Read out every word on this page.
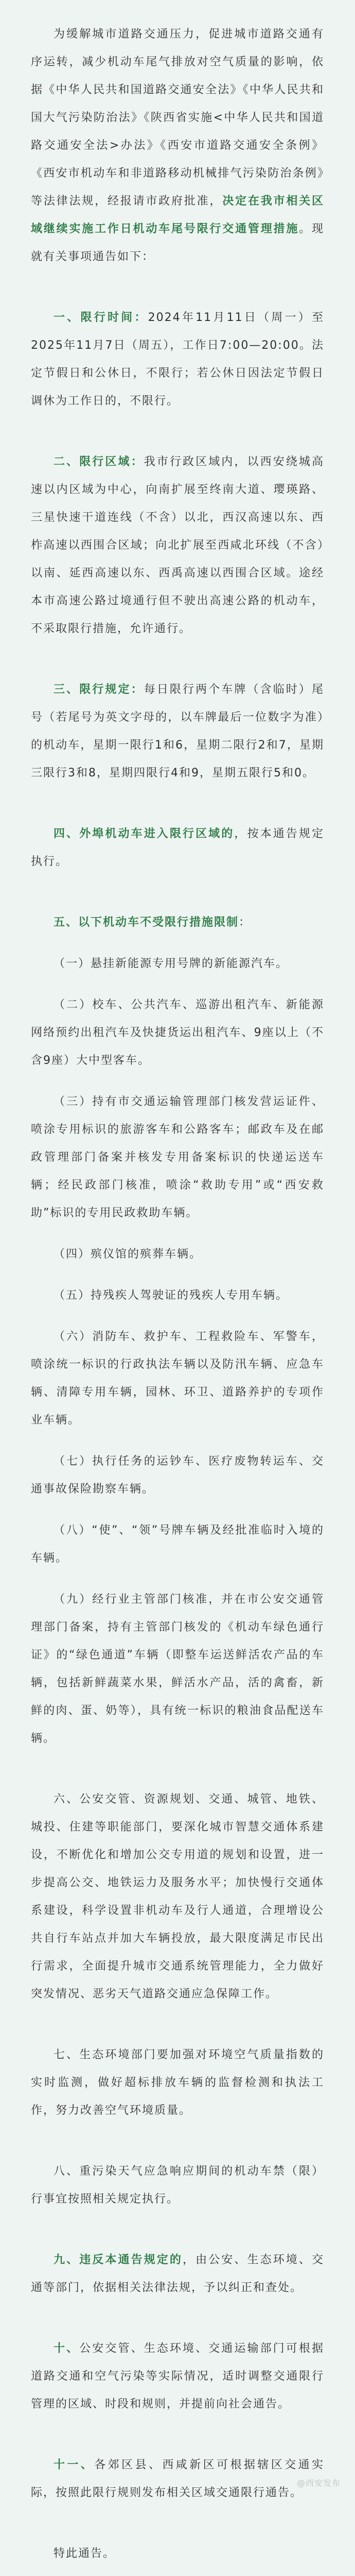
为缓解城市道路交通压力，促进城市道路交通有序运转，减少机动车尾气排放对空气质量的影响，依据《中华人民共和国道路交通安全法》《中华人民共和国大气污染防治法》《陕西省实施<中华人民共和国道路交通安全法>办法》《西安市道路交通安全条例》《西安市机动车和非道路移动机械排气污染防治条例》等法律法规，经报请市政府批准，决定在我市相关区域继续实施工作日机动车尾号限行交通管理措施。现就有关事项通告如下：

一、限行时间：2024年11月11日（周一）至2025年11月7日（周五），工作日7:00—20:00。法定节假日和公休日，不限行；若公休日因法定节假日调休为工作日的，不限行。

二、限行区域：我市行政区域内，以西安绕城高速以内区域为中心，向南扩展至终南大道、璎瑛路、三星快速干道连线（不含）以北，西汉高速以东、西柞高速以西围合区域；向北扩展至西咸北环线（不含）以南、延西高速以东、西禹高速以西围合区域。途经本市高速公路过境通行但不驶出高速公路的机动车，不采取限行措施，允许通行。

三、限行规定：每日限行两个车牌（含临时）尾号（若尾号为英文字母的，以车牌最后一位数字为准）的机动车，星期一限行1和6，星期二限行2和7，星期三限行3和8，星期四限行4和9，星期五限行5和0。

四、外埠机动车进入限行区域的，按本通告规定执行。

五、以下机动车不受限行措施限制：

（一）悬挂新能源专用号牌的新能源汽车。

（二）校车、公共汽车、巡游出租汽车、新能源网络预约出租汽车及快捷货运出租汽车、9座以上（不含9座）大中型客车。

（三）持有市交通运输管理部门核发营运证件、喷涂专用标识的旅游客车和公路客车；邮政车及在邮政管理部门备案并核发专用备案标识的快递运送车辆；经民政部门核准，喷涂“救助专用”或“西安救助”标识的专用民政救助车辆。

（四）殡仪馆的殡葬车辆。

（五）持残疾人驾驶证的残疾人专用车辆。

（六）消防车、救护车、工程救险车、军警车，喷涂统一标识的行政执法车辆以及防汛车辆、应急车辆、清障专用车辆，园林、环卫、道路养护的专项作业车辆。

（七）执行任务的运钞车、医疗废物转运车、交通事故保险勘察车辆。

（八）“使”、“领”号牌车辆及经批准临时入境的车辆。

（九）经行业主管部门核准，并在市公安交通管理部门备案，持有主管部门核发的《机动车绿色通行证》的“绿色通道”车辆（即整车运送鲜活农产品的车辆，包括新鲜蔬菜水果，鲜活水产品，活的禽畜，新鲜的肉、蛋、奶等），具有统一标识的粮油食品配送车辆。

六、公安交管、资源规划、交通、城管、地铁、城投、住建等职能部门，要深化城市智慧交通体系建设，不断优化和增加公交专用道的规划和设置，进一步提高公交、地铁运力及服务水平；加快慢行交通体系建设，科学设置非机动车及行人通道，合理增设公共自行车站点并加大车辆投放，最大限度满足市民出行需求，全面提升城市交通系统管理能力，全力做好突发情况、恶劣天气道路交通应急保障工作。

七、生态环境部门要加强对环境空气质量指数的实时监测，做好超标排放车辆的监督检测和执法工作，努力改善空气环境质量。

八、重污染天气应急响应期间的机动车禁（限）行事宜按照相关规定执行。

九、违反本通告规定的，由公安、生态环境、交通等部门，依据相关法律法规，予以纠正和查处。

十、公安交管、生态环境、交通运输部门可根据道路交通和空气污染等实际情况，适时调整交通限行管理的区域、时段和规则，并提前向社会通告。

十一、各郊区县、西咸新区可根据辖区交通实际，按照此限行规则发布相关区域交通限行通告。

特此通告。

@西安发布
